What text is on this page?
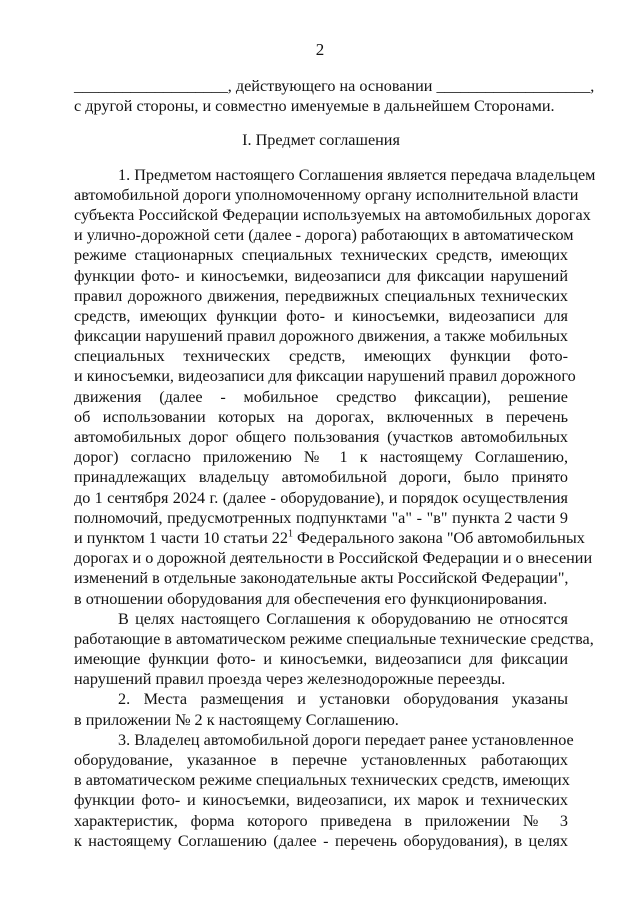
2
___________________, действующего на основании ___________________,
с другой стороны, и совместно именуемые в дальнейшем Сторонами.
I. Предмет соглашения
1. Предметом настоящего Соглашения является передача владельцем
автомобильной дороги уполномоченному органу исполнительной власти
субъекта Российской Федерации используемых на автомобильных дорогах
и улично-дорожной сети (далее - дорога) работающих в автоматическом
режиме стационарных специальных технических средств, имеющих
функции фото- и киносъемки, видеозаписи для фиксации нарушений
правил дорожного движения, передвижных специальных технических
средств, имеющих функции фото- и киносъемки, видеозаписи для
фиксации нарушений правил дорожного движения, а также мобильных
специальных технических средств, имеющих функции фото-
и киносъемки, видеозаписи для фиксации нарушений правил дорожного
движения (далее - мобильное средство фиксации), решение
об использовании которых на дорогах, включенных в перечень
автомобильных дорог общего пользования (участков автомобильных
дорог) согласно приложению № 1 к настоящему Соглашению,
принадлежащих владельцу автомобильной дороги, было принято
до 1 сентября 2024 г. (далее - оборудование), и порядок осуществления
полномочий, предусмотренных подпунктами "а" - "в" пункта 2 части 9
и пунктом 1 части 10 статьи $22^1$ Федерального закона "Об автомобильных
дорогах и о дорожной деятельности в Российской Федерации и о внесении
изменений в отдельные законодательные акты Российской Федерации",
в отношении оборудования для обеспечения его функционирования.
В целях настоящего Соглашения к оборудованию не относятся
работающие в автоматическом режиме специальные технические средства,
имеющие функции фото- и киносъемки, видеозаписи для фиксации
нарушений правил проезда через железнодорожные переезды.
2. Места размещения и установки оборудования указаны
в приложении № 2 к настоящему Соглашению.
3. Владелец автомобильной дороги передает ранее установленное
оборудование, указанное в перечне установленных работающих
в автоматическом режиме специальных технических средств, имеющих
функции фото- и киносъемки, видеозаписи, их марок и технических
характеристик, форма которого приведена в приложении № 3
к настоящему Соглашению (далее - перечень оборудования), в целях
